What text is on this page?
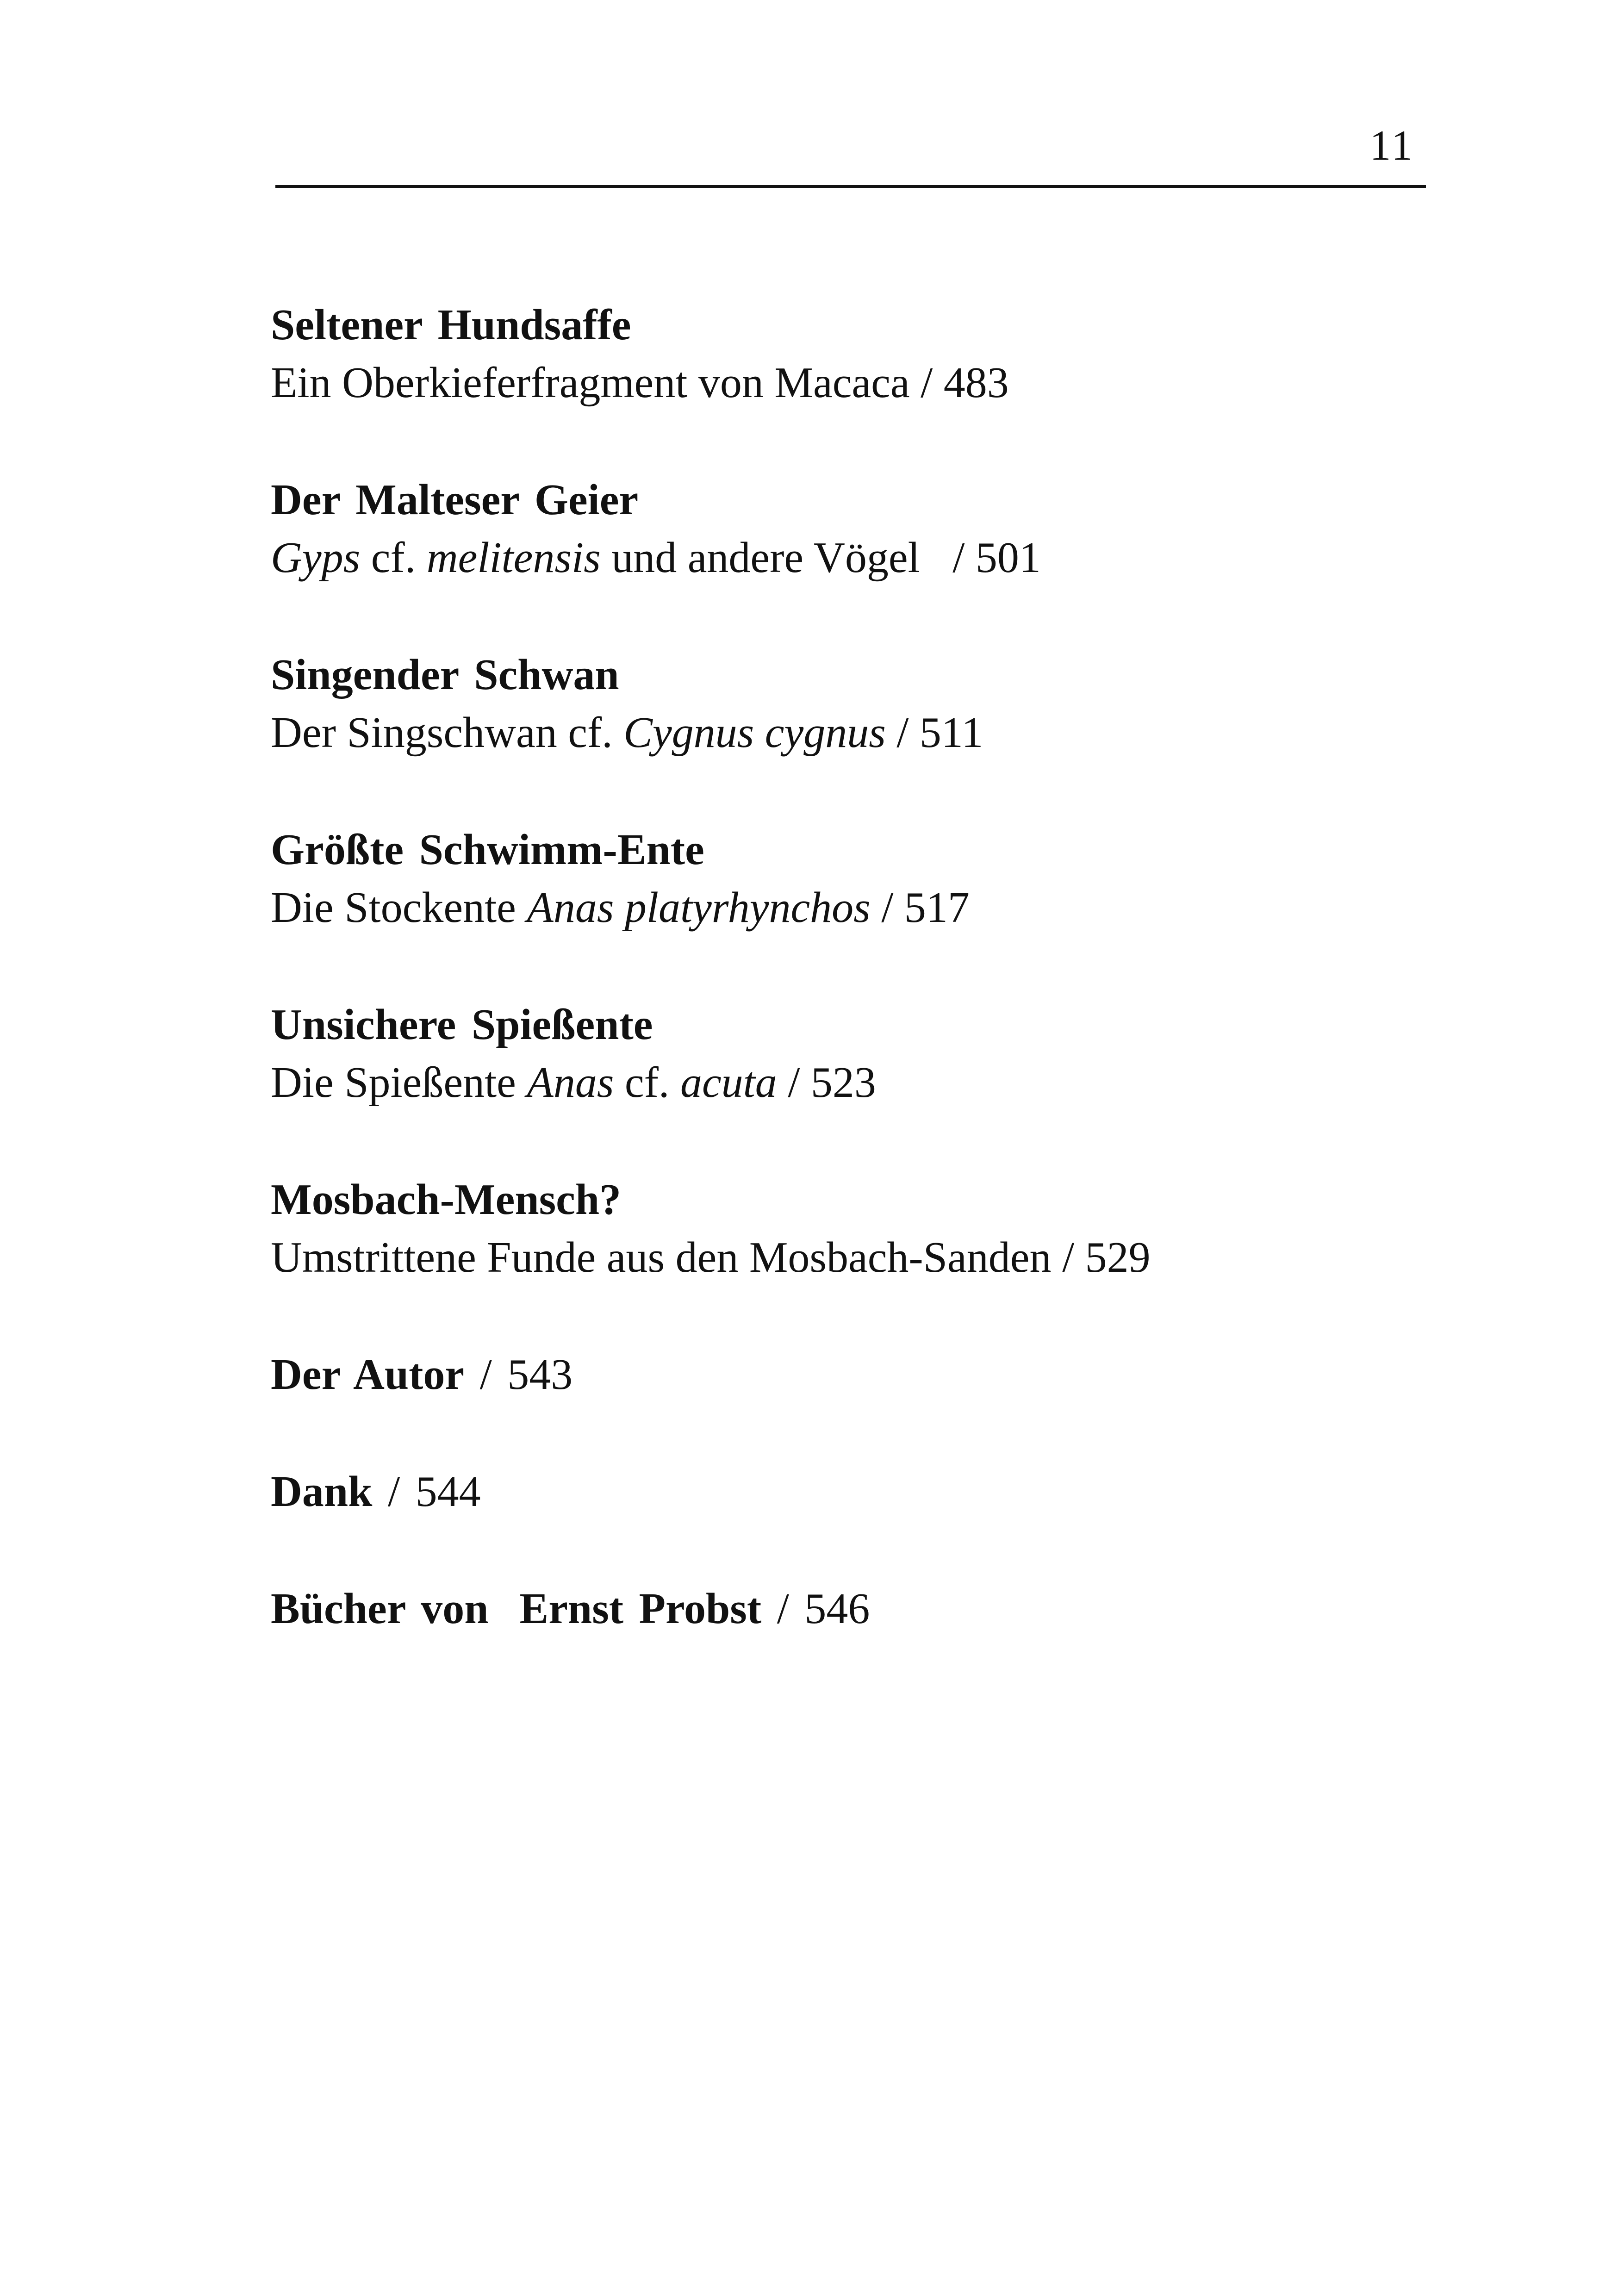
11
Seltener Hundsaffe
Ein Oberkieferfragment von Macaca / 483
Der Malteser Geier
Gyps cf. melitensis und andere Vögel   / 501
Singender Schwan
Der Singschwan cf. Cygnus cygnus / 511
Größte Schwimm-Ente
Die Stockente Anas platyrhynchos / 517
Unsichere Spießente
Die Spießente Anas cf. acuta / 523
Mosbach-Mensch?
Umstrittene Funde aus den Mosbach-Sanden / 529
Der Autor / 543
Dank / 544
Bücher von  Ernst Probst / 546
